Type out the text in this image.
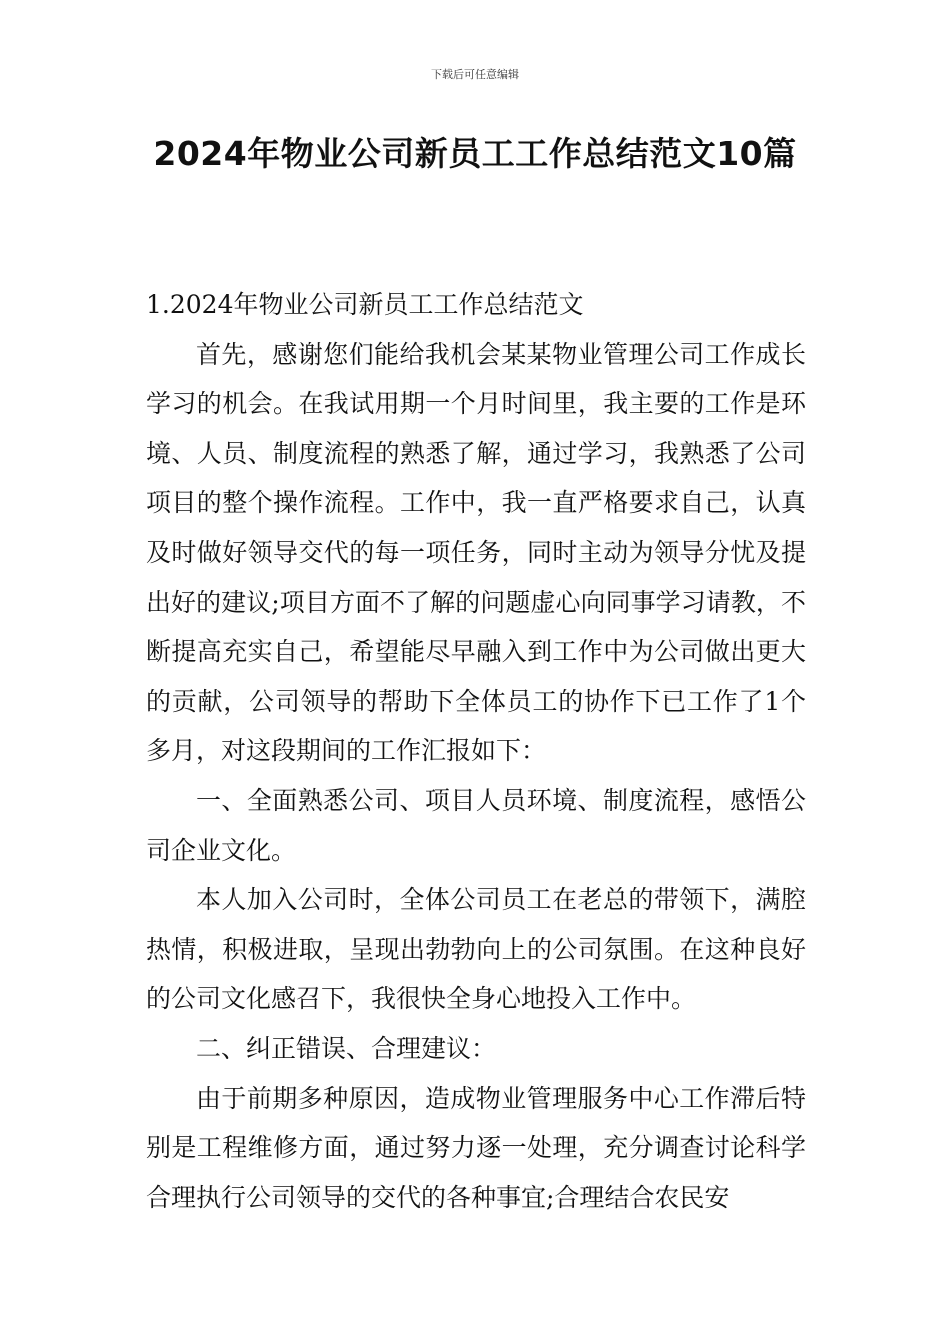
下载后可任意编辑
2024年物业公司新员工工作总结范文10篇

1.2024年物业公司新员工工作总结范文

首先，感谢您们能给我机会某某物业管理公司工作成长学习的机会。在我试用期一个月时间里，我主要的工作是环境、人员、制度流程的熟悉了解，通过学习，我熟悉了公司项目的整个操作流程。工作中，我一直严格要求自己，认真及时做好领导交代的每一项任务，同时主动为领导分忧及提出好的建议;项目方面不了解的问题虚心向同事学习请教，不断提高充实自己，希望能尽早融入到工作中为公司做出更大的贡献，公司领导的帮助下全体员工的协作下已工作了1个多月，对这段期间的工作汇报如下：

一、全面熟悉公司、项目人员环境、制度流程，感悟公司企业文化。

本人加入公司时，全体公司员工在老总的带领下，满腔热情，积极进取，呈现出勃勃向上的公司氛围。在这种良好的公司文化感召下，我很快全身心地投入工作中。

二、纠正错误、合理建议：

由于前期多种原因，造成物业管理服务中心工作滞后特别是工程维修方面，通过努力逐一处理，充分调查讨论科学合理执行公司领导的交代的各种事宜;合理结合农民安
